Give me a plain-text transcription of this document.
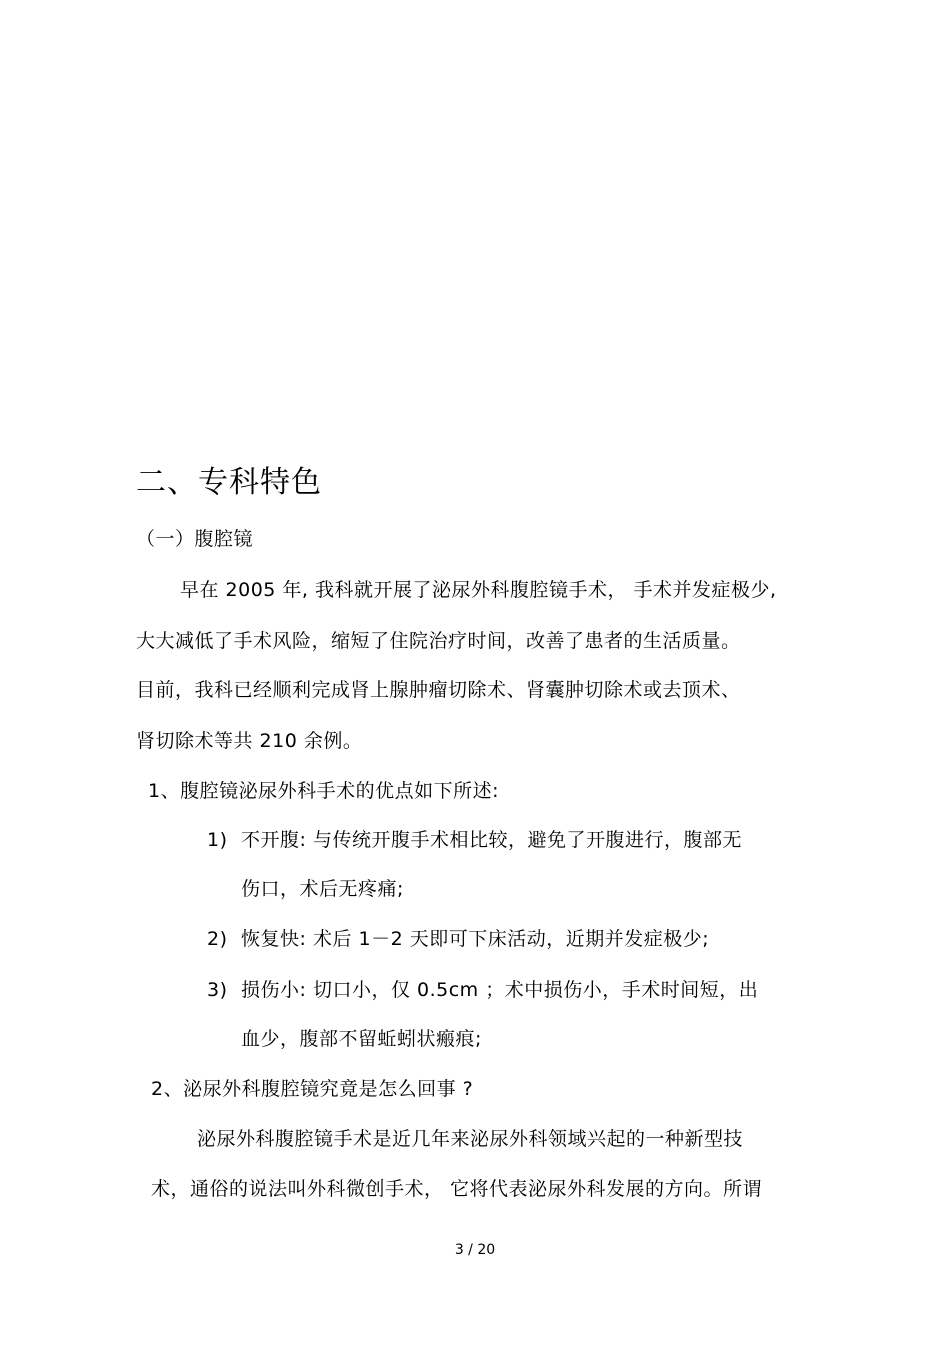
二、专科特色
（一）腹腔镜
早在 2005 年, 我科就开展了泌尿外科腹腔镜手术， 手术并发症极少,
大大减低了手术风险，缩短了住院治疗时间，改善了患者的生活质量。
目前，我科已经顺利完成肾上腺肿瘤切除术、肾囊肿切除术或去顶术、
肾切除术等共 210 余例。
1、腹腔镜泌尿外科手术的优点如下所述:
1) 不开腹: 与传统开腹手术相比较，避免了开腹进行，腹部无
伤口，术后无疼痛;
2) 恢复快: 术后 1－2 天即可下床活动，近期并发症极少;
3) 损伤小: 切口小，仅 0.5cm ；术中损伤小，手术时间短，出
血少，腹部不留蚯蚓状瘢痕;
2、泌尿外科腹腔镜究竟是怎么回事 ?
泌尿外科腹腔镜手术是近几年来泌尿外科领域兴起的一种新型技
术，通俗的说法叫外科微创手术， 它将代表泌尿外科发展的方向。所谓
3 / 20
